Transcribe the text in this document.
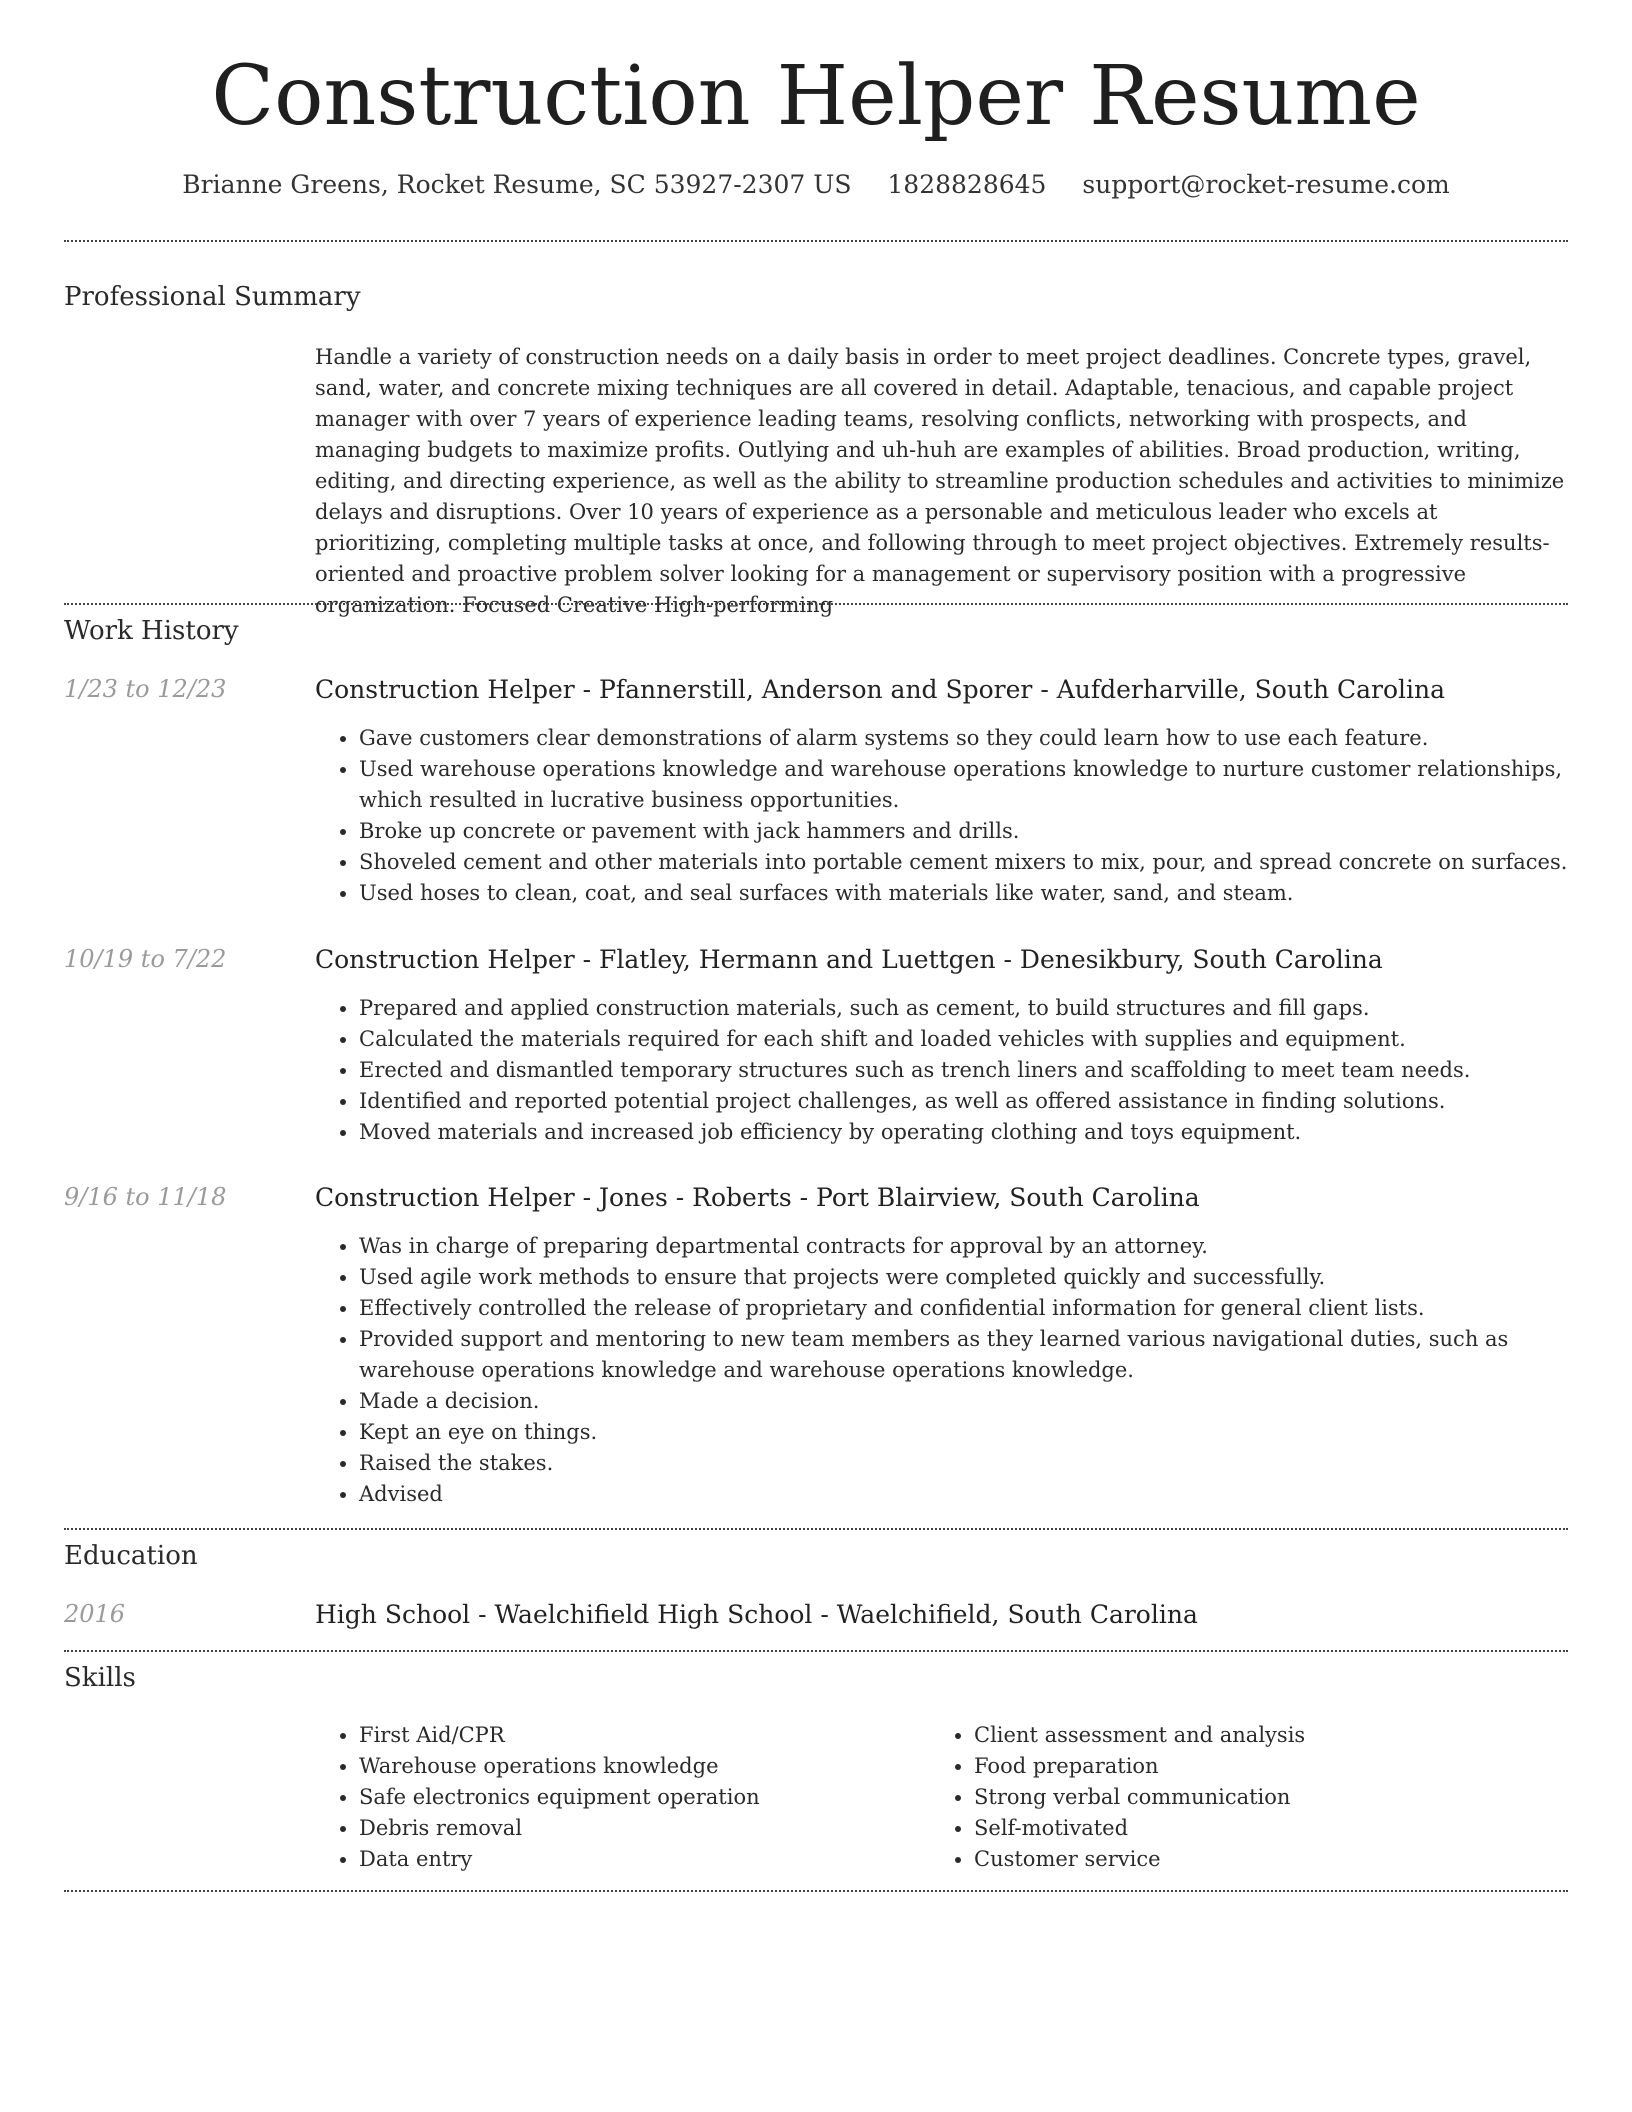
Construction Helper Resume
Brianne Greens, Rocket Resume, SC 53927-2307 US 1828828645 support@rocket-resume.com
Professional Summary

Handle a variety of construction needs on a daily basis in order to meet project deadlines. Concrete types, gravel, sand, water, and concrete mixing techniques are all covered in detail. Adaptable, tenacious, and capable project manager with over 7 years of experience leading teams, resolving conflicts, networking with prospects, and managing budgets to maximize profits. Outlying and uh-huh are examples of abilities. Broad production, writing, editing, and directing experience, as well as the ability to streamline production schedules and activities to minimize delays and disruptions. Over 10 years of experience as a personable and meticulous leader who excels at prioritizing, completing multiple tasks at once, and following through to meet project objectives. Extremely results-oriented and proactive problem solver looking for a management or supervisory position with a progressive organization. Focused Creative High-performing

Work History
1/23 to 12/23	Construction Helper - Pfannerstill, Anderson and Sporer - Aufderharville, South Carolina
• Gave customers clear demonstrations of alarm systems so they could learn how to use each feature.
• Used warehouse operations knowledge and warehouse operations knowledge to nurture customer relationships, which resulted in lucrative business opportunities.
• Broke up concrete or pavement with jack hammers and drills.
• Shoveled cement and other materials into portable cement mixers to mix, pour, and spread concrete on surfaces.
• Used hoses to clean, coat, and seal surfaces with materials like water, sand, and steam.
10/19 to 7/22	Construction Helper - Flatley, Hermann and Luettgen - Denesikbury, South Carolina
• Prepared and applied construction materials, such as cement, to build structures and fill gaps.
• Calculated the materials required for each shift and loaded vehicles with supplies and equipment.
• Erected and dismantled temporary structures such as trench liners and scaffolding to meet team needs.
• Identified and reported potential project challenges, as well as offered assistance in finding solutions.
• Moved materials and increased job efficiency by operating clothing and toys equipment.
9/16 to 11/18	Construction Helper - Jones - Roberts - Port Blairview, South Carolina
• Was in charge of preparing departmental contracts for approval by an attorney.
• Used agile work methods to ensure that projects were completed quickly and successfully.
• Effectively controlled the release of proprietary and confidential information for general client lists.
• Provided support and mentoring to new team members as they learned various navigational duties, such as warehouse operations knowledge and warehouse operations knowledge.
• Made a decision.
• Kept an eye on things.
• Raised the stakes.
• Advised
Education
2016	High School - Waelchifield High School - Waelchifield, South Carolina
Skills
• First Aid/CPR
• Warehouse operations knowledge
• Safe electronics equipment operation
• Debris removal
• Data entry
• Client assessment and analysis
• Food preparation
• Strong verbal communication
• Self-motivated
• Customer service
